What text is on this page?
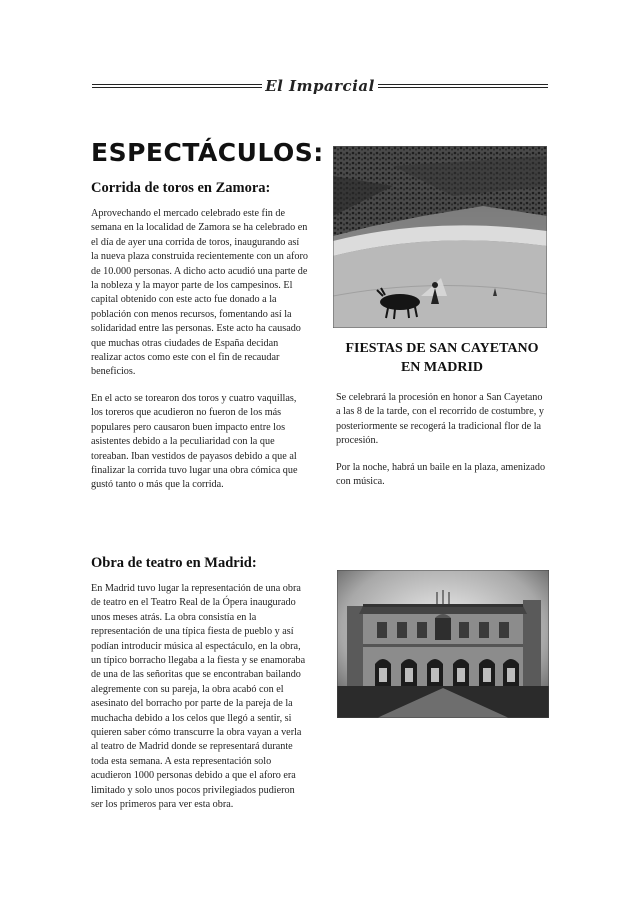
El Imparcial
ESPECTÁCULOS:
Corrida de toros en Zamora:

Aprovechando el mercado celebrado este fin de semana en la localidad de Zamora se ha celebrado en el día de ayer una corrida de toros, inaugurando así la nueva plaza construida recientemente con un aforo de 10.000 personas. A dicho acto acudió una parte de la nobleza y la mayor parte de los campesinos. El capital obtenido con este acto fue donado a la población con menos recursos, fomentando así la solidaridad entre las personas. Este acto ha causado que muchas otras ciudades de España decidan realizar actos como este con el fin de recaudar beneficios.

En el acto se torearon dos toros y cuatro vaquillas, los toreros que acudieron no fueron de los más populares pero causaron buen impacto entre los asistentes debido a la peculiaridad con la que toreaban. Iban vestidos de payasos debido a que al finalizar la corrida tuvo lugar una obra cómica que gustó tanto o más que la corrida.

FIESTAS DE SAN CAYETANO EN MADRID

Se celebrará la procesión en honor a San Cayetano a las 8 de la tarde, con el recorrido de costumbre, y posteriormente se recogerá la tradicional flor de la procesión.

Por la noche, habrá un baile en la plaza, amenizado con música.

Obra de teatro en Madrid:

En Madrid tuvo lugar la representación de una obra de teatro en el Teatro Real de la Ópera inaugurado unos meses atrás. La obra consistía en la representación de una típica fiesta de pueblo y así podían introducir música al espectáculo, en la obra, un típico borracho llegaba a la fiesta y se enamoraba de una de las señoritas que se encontraban bailando alegremente con su pareja, la obra acabó con el asesinato del borracho por parte de la pareja de la muchacha debido a los celos que llegó a sentir, si quieren saber cómo transcurre la obra vayan a verla al teatro de Madrid donde se representará durante toda esta semana. A esta representación solo acudieron 1000 personas debido a que el aforo era limitado y solo unos pocos privilegiados pudieron ser los primeros para ver esta obra.
